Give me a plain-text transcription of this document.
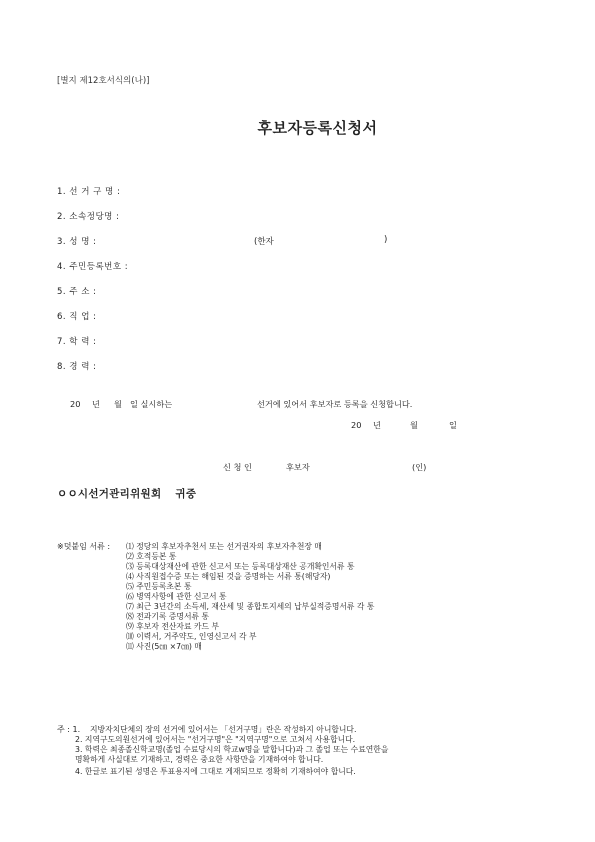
[별지 제12호서식의(나)]
후보자등록신청서
1. 선 거 구 명 :
2. 소속정당명 :
3. 성 명 :	(한자	)
4. 주민등록번호 :
5. 주 소 :
6. 직 업 :
7. 학 력 :
8. 경 력 :
20 년 월 일 실시하는	선거에 있어서 후보자로 등록을 신청합니다.
20 년	월	일
신 청 인	후보자	(인)
ㅇㅇ시선거관리위원회 귀중
※덧붙임 서류 : ⑴ 정당의 후보자추천서 또는 선거권자의 후보자추천장 매
⑵ 호적등본 통
⑶ 등록대상재산에 관한 신고서 또는 등록대상재산 공개확인서류 통
⑷ 사직원접수증 또는 해임된 것을 증명하는 서류 통(해당자)
⑸ 주민등록초본 통
⑹ 병역사항에 관한 신고서 통
⑺ 최근 3년간의 소득세, 재산세 및 종합토지세의 납부실적증명서류 각 통
⑻ 전과기록 증명서류 통
⑼ 후보자 전산자료 카드 부
⑽ 이력서, 거주약도, 인영신고서 각 부
⑾ 사진(5㎝ ×7㎝) 매
주 : 1. 지방자치단체의 장의 선거에 있어서는 「선거구명」란은 작성하지 아니합니다.
2. 지역구도의원선거에 있어서는 "선거구명"은 "지역구명"으로 고쳐서 사용합니다.
3. 학력은 최종졸신학교명(졸업 수료당시의 학교w명을 말합니다)과 그 졸업 또는 수료연한을
명확하게 사실대로 기재하고, 경력은 중요한 사항만을 기재하여야 합니다.
4. 한글로 표기된 성명은 투표용지에 그대로 게재되므로 정확히 기재하여야 합니다.
